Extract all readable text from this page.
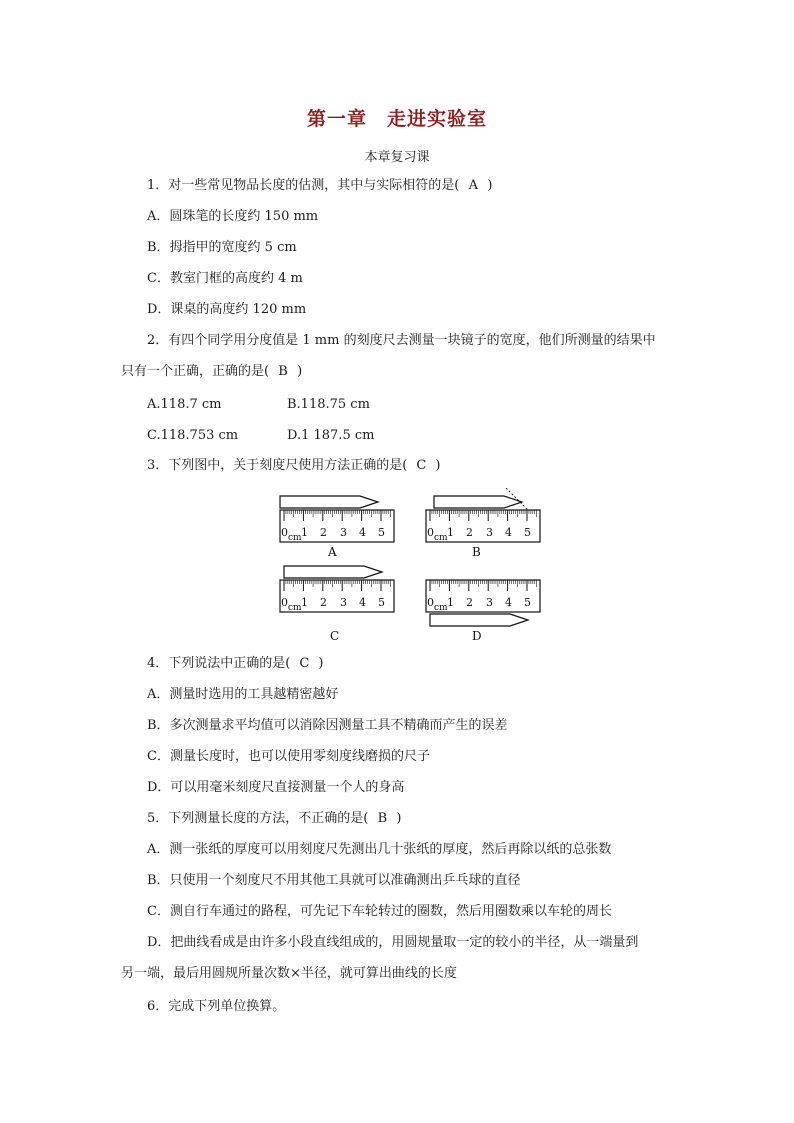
第一章　走进实验室
本章复习课
1．对一些常见物品长度的估测，其中与实际相符的是( A )
A．圆珠笔的长度约 150 mm
B．拇指甲的宽度约 5 cm
C．教室门框的高度约 4 m
D．课桌的高度约 120 mm
2．有四个同学用分度值是 1 mm 的刻度尺去测量一块镜子的宽度，他们所测量的结果中
只有一个正确，正确的是( B )
A.118.7 cm	B.118.75 cm
C.118.753 cm	D.1 187.5 cm
3．下列图中，关于刻度尺使用方法正确的是( C )
0 cm 1 2 3 4 5
A
0 cm 1 2 3 4 5
B
0 cm 1 2 3 4 5
C
0 cm 1 2 3 4 5
D
4．下列说法中正确的是( C )
A．测量时选用的工具越精密越好
B．多次测量求平均值可以消除因测量工具不精确而产生的误差
C．测量长度时，也可以使用零刻度线磨损的尺子
D．可以用毫米刻度尺直接测量一个人的身高
5．下列测量长度的方法，不正确的是( B )
A．测一张纸的厚度可以用刻度尺先测出几十张纸的厚度，然后再除以纸的总张数
B．只使用一个刻度尺不用其他工具就可以准确测出乒乓球的直径
C．测自行车通过的路程，可先记下车轮转过的圈数，然后用圈数乘以车轮的周长
D．把曲线看成是由许多小段直线组成的，用圆规量取一定的较小的半径，从一端量到
另一端，最后用圆规所量次数×半径，就可算出曲线的长度
6．完成下列单位换算。
